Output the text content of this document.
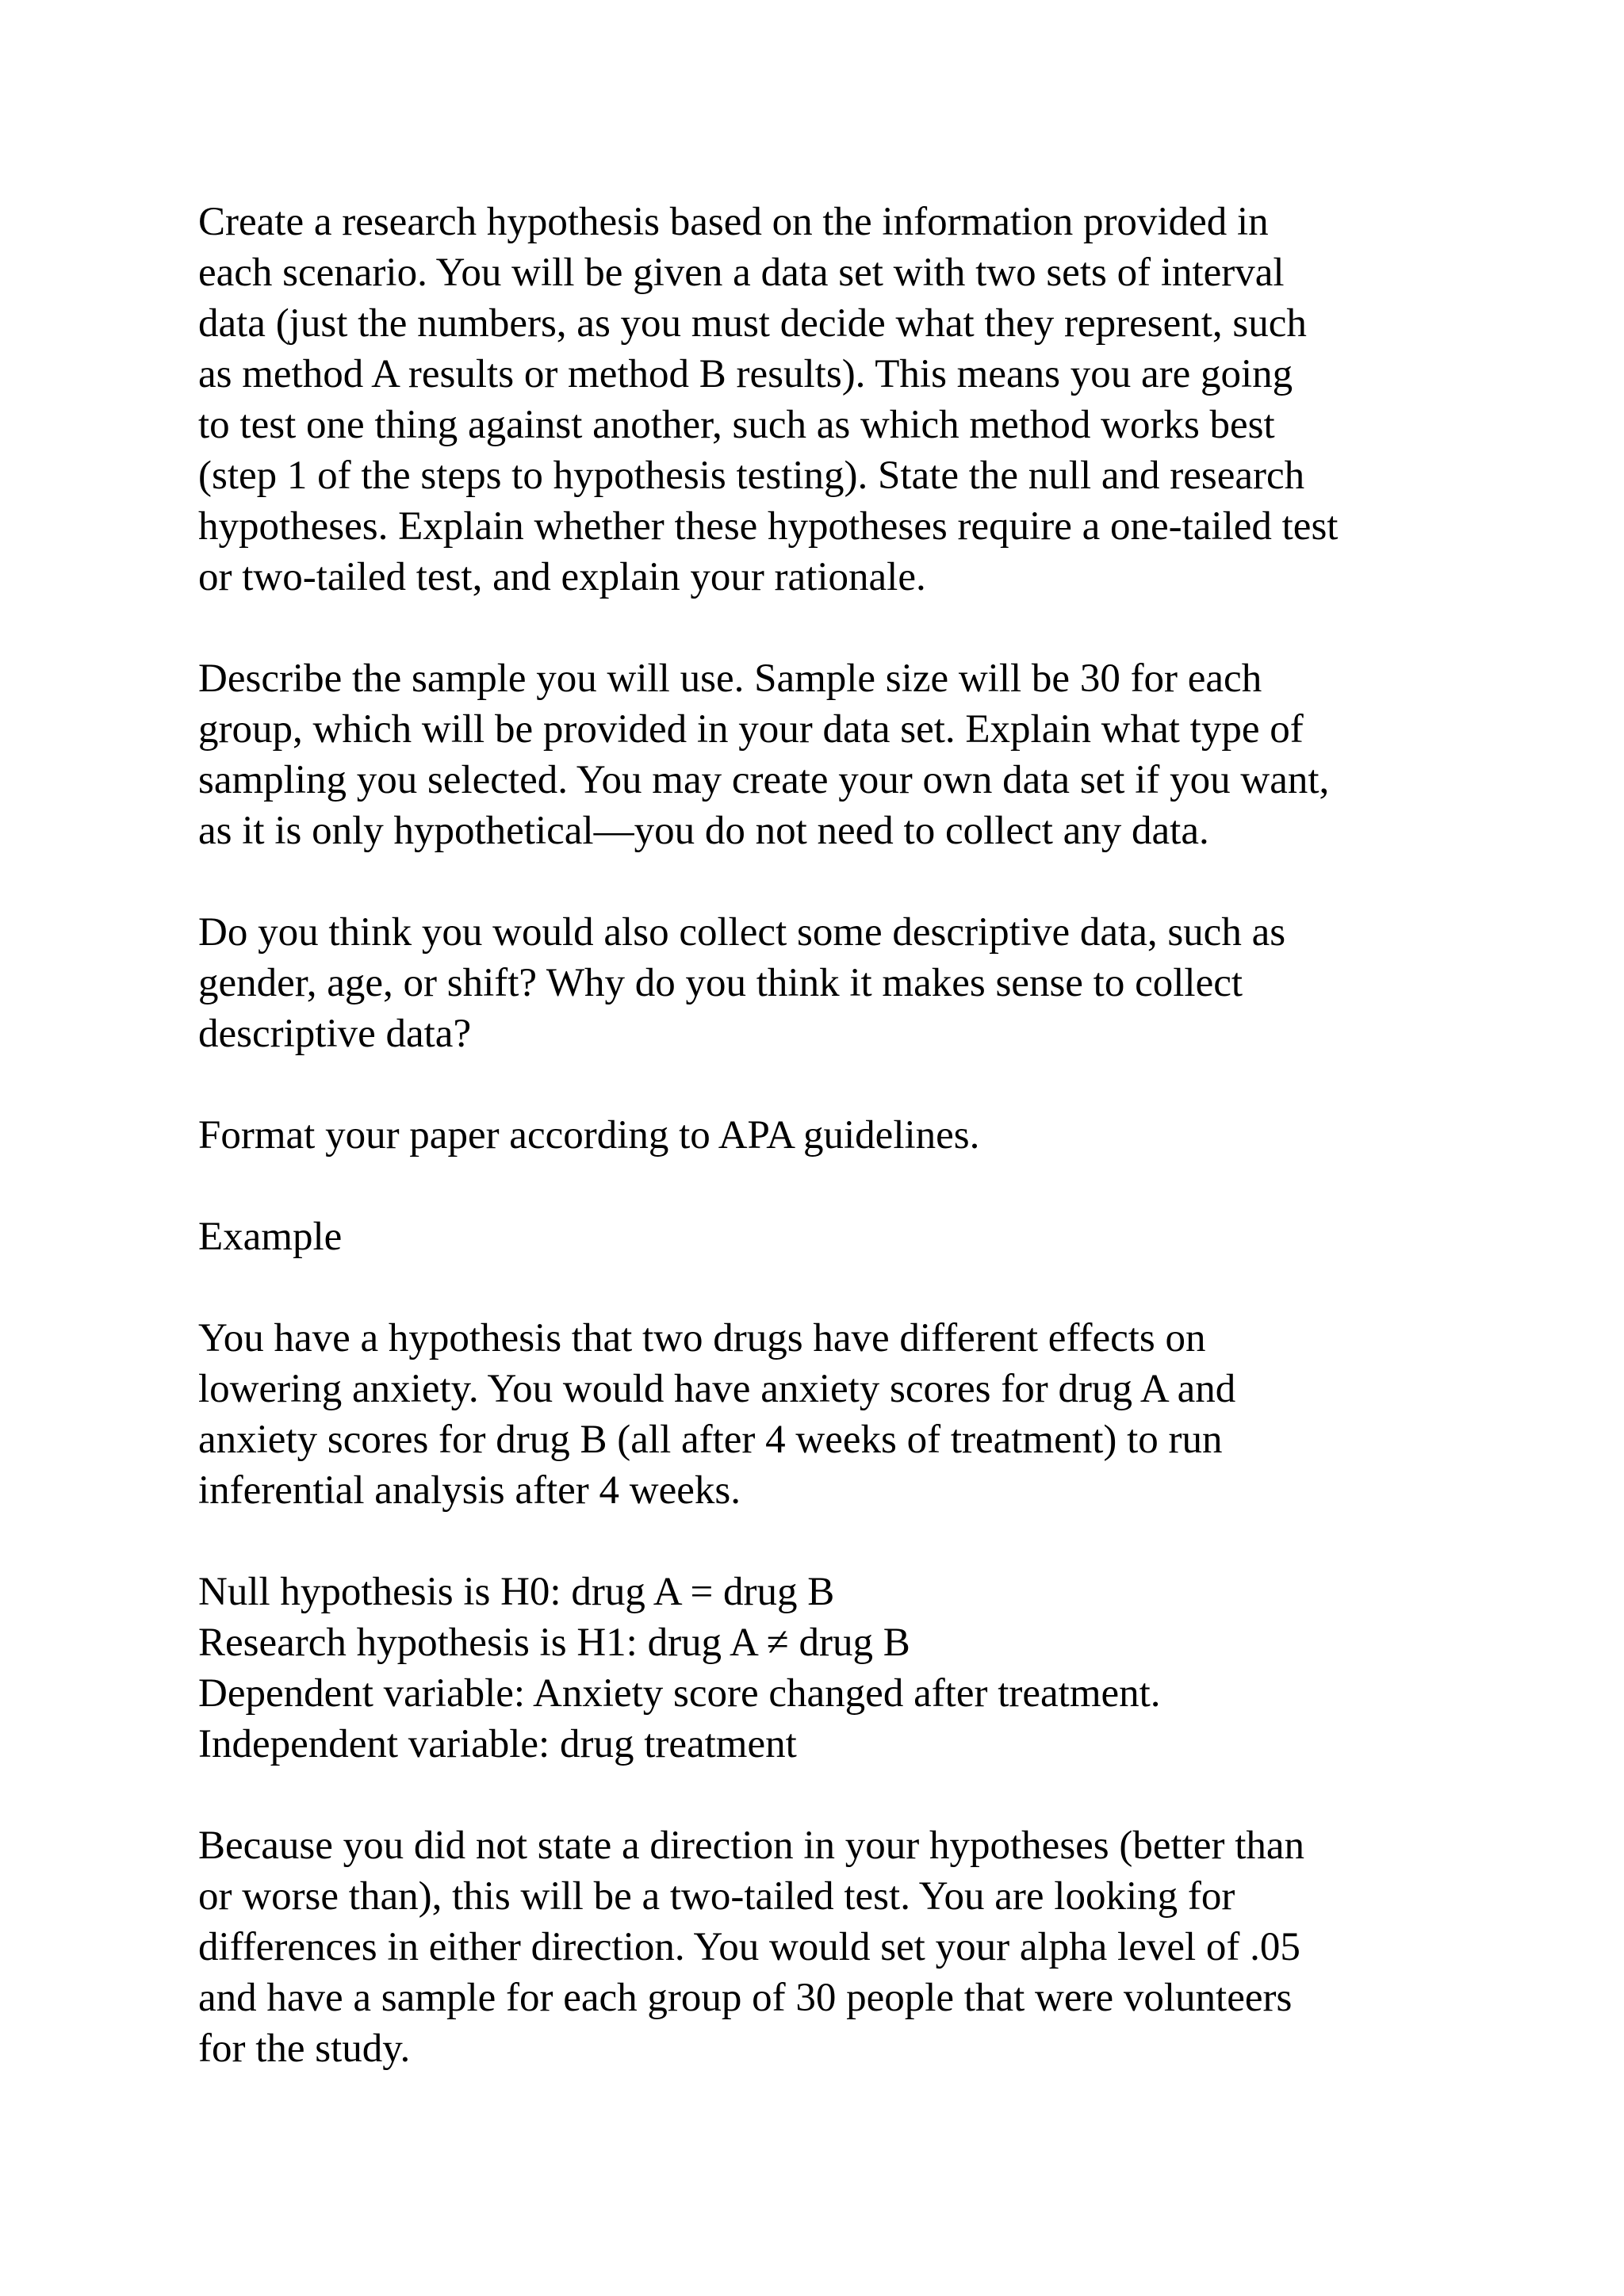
Create a research hypothesis based on the information provided in
each scenario. You will be given a data set with two sets of interval
data (just the numbers, as you must decide what they represent, such
as method A results or method B results). This means you are going
to test one thing against another, such as which method works best
(step 1 of the steps to hypothesis testing). State the null and research
hypotheses. Explain whether these hypotheses require a one-tailed test
or two-tailed test, and explain your rationale.

Describe the sample you will use. Sample size will be 30 for each
group, which will be provided in your data set. Explain what type of
sampling you selected. You may create your own data set if you want,
as it is only hypothetical—you do not need to collect any data.

Do you think you would also collect some descriptive data, such as
gender, age, or shift? Why do you think it makes sense to collect
descriptive data?

Format your paper according to APA guidelines.

Example

You have a hypothesis that two drugs have different effects on
lowering anxiety. You would have anxiety scores for drug A and
anxiety scores for drug B (all after 4 weeks of treatment) to run
inferential analysis after 4 weeks.

Null hypothesis is H0: drug A = drug B
Research hypothesis is H1: drug A ≠ drug B
Dependent variable: Anxiety score changed after treatment.
Independent variable: drug treatment

Because you did not state a direction in your hypotheses (better than
or worse than), this will be a two-tailed test. You are looking for
differences in either direction. You would set your alpha level of .05
and have a sample for each group of 30 people that were volunteers
for the study.
